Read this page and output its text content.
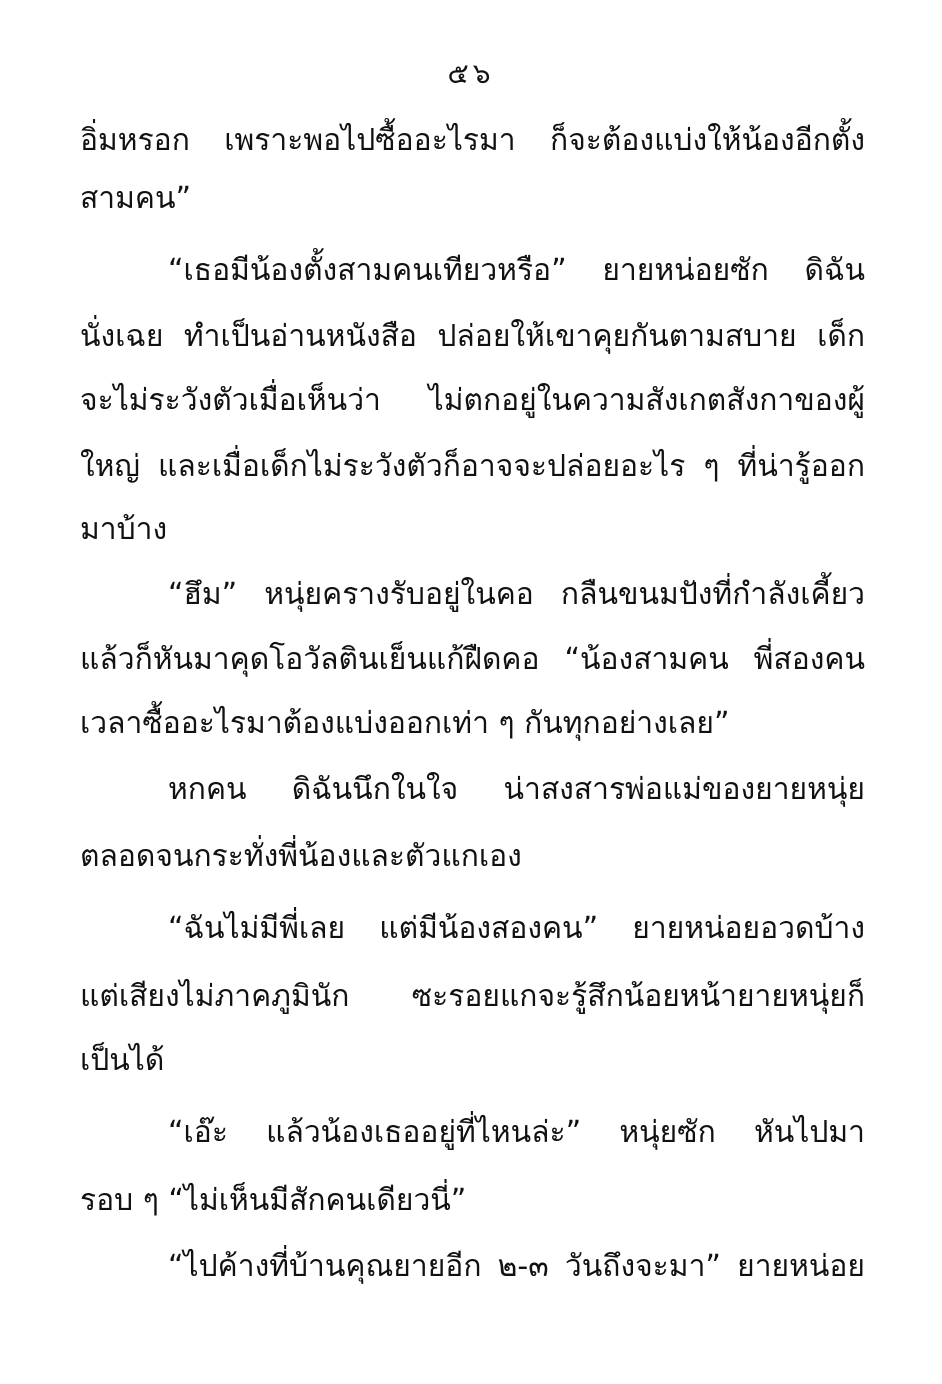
๕๖
อิ่มหรอก เพราะพอไปซื้ออะไรมา ก็จะต้องแบ่งให้น้องอีกตั้ง
สามคน”
“เธอมีน้องตั้งสามคนเทียวหรือ” ยายหน่อยซัก ดิฉัน
นั่งเฉย ทำเป็นอ่านหนังสือ ปล่อยให้เขาคุยกันตามสบาย เด็ก
จะไม่ระวังตัวเมื่อเห็นว่า ไม่ตกอยู่ในความสังเกตสังกาของผู้
ใหญ่ และเมื่อเด็กไม่ระวังตัวก็อาจจะปล่อยอะไร ๆ ที่น่ารู้ออก
มาบ้าง
“ฮึม” หนุ่ยครางรับอยู่ในคอ กลืนขนมปังที่กำลังเคี้ยว
แล้วก็หันมาคุดโอวัลตินเย็นแก้ฝืดคอ “น้องสามคน พี่สองคน
เวลาซื้ออะไรมาต้องแบ่งออกเท่า ๆ กันทุกอย่างเลย”
หกคน ดิฉันนึกในใจ น่าสงสารพ่อแม่ของยายหนุ่ย
ตลอดจนกระทั่งพี่น้องและตัวแกเอง
“ฉันไม่มีพี่เลย แต่มีน้องสองคน” ยายหน่อยอวดบ้าง
แต่เสียงไม่ภาคภูมินัก ซะรอยแกจะรู้สึกน้อยหน้ายายหนุ่ยก็
เป็นได้
“เอ๊ะ แล้วน้องเธออยู่ที่ไหนล่ะ” หนุ่ยซัก หันไปมา
รอบ ๆ “ไม่เห็นมีสักคนเดียวนี่”
“ไปค้างที่บ้านคุณยายอีก ๒-๓ วันถึงจะมา” ยายหน่อย
